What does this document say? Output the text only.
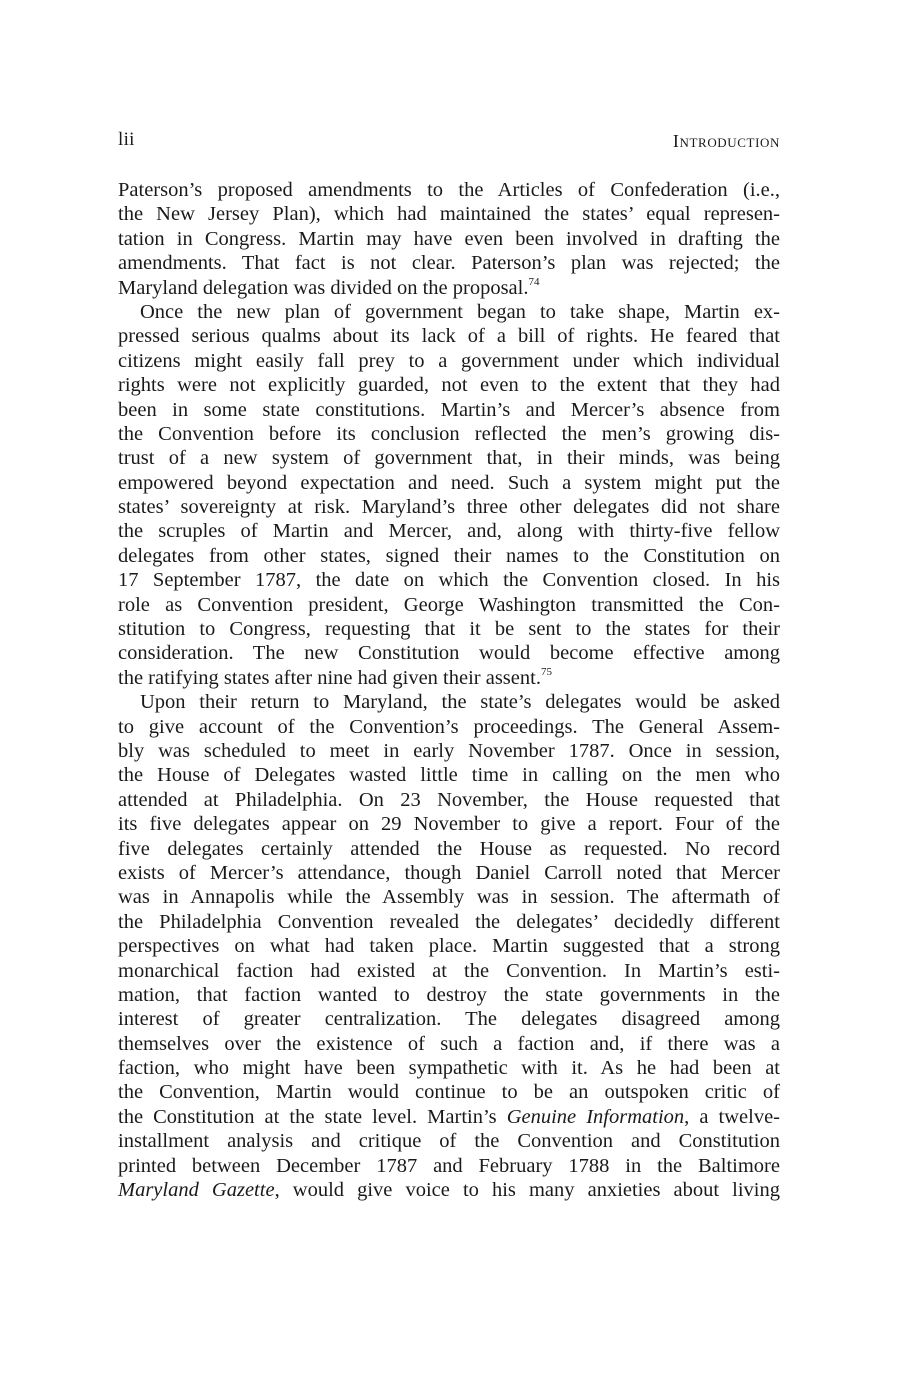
lii	Introduction
Paterson’s proposed amendments to the Articles of Confederation (i.e.,
the New Jersey Plan), which had maintained the states’ equal represen-
tation in Congress. Martin may have even been involved in drafting the
amendments. That fact is not clear. Paterson’s plan was rejected; the
Maryland delegation was divided on the proposal.$^{74}$
Once the new plan of government began to take shape, Martin ex-
pressed serious qualms about its lack of a bill of rights. He feared that
citizens might easily fall prey to a government under which individual
rights were not explicitly guarded, not even to the extent that they had
been in some state constitutions. Martin’s and Mercer’s absence from
the Convention before its conclusion reflected the men’s growing dis-
trust of a new system of government that, in their minds, was being
empowered beyond expectation and need. Such a system might put the
states’ sovereignty at risk. Maryland’s three other delegates did not share
the scruples of Martin and Mercer, and, along with thirty-five fellow
delegates from other states, signed their names to the Constitution on
17 September 1787, the date on which the Convention closed. In his
role as Convention president, George Washington transmitted the Con-
stitution to Congress, requesting that it be sent to the states for their
consideration. The new Constitution would become effective among
the ratifying states after nine had given their assent.$^{75}$
Upon their return to Maryland, the state’s delegates would be asked
to give account of the Convention’s proceedings. The General Assem-
bly was scheduled to meet in early November 1787. Once in session,
the House of Delegates wasted little time in calling on the men who
attended at Philadelphia. On 23 November, the House requested that
its five delegates appear on 29 November to give a report. Four of the
five delegates certainly attended the House as requested. No record
exists of Mercer’s attendance, though Daniel Carroll noted that Mercer
was in Annapolis while the Assembly was in session. The aftermath of
the Philadelphia Convention revealed the delegates’ decidedly different
perspectives on what had taken place. Martin suggested that a strong
monarchical faction had existed at the Convention. In Martin’s esti-
mation, that faction wanted to destroy the state governments in the
interest of greater centralization. The delegates disagreed among
themselves over the existence of such a faction and, if there was a
faction, who might have been sympathetic with it. As he had been at
the Convention, Martin would continue to be an outspoken critic of
the Constitution at the state level. Martin’s Genuine Information, a twelve-
installment analysis and critique of the Convention and Constitution
printed between December 1787 and February 1788 in the Baltimore
Maryland Gazette, would give voice to his many anxieties about living
